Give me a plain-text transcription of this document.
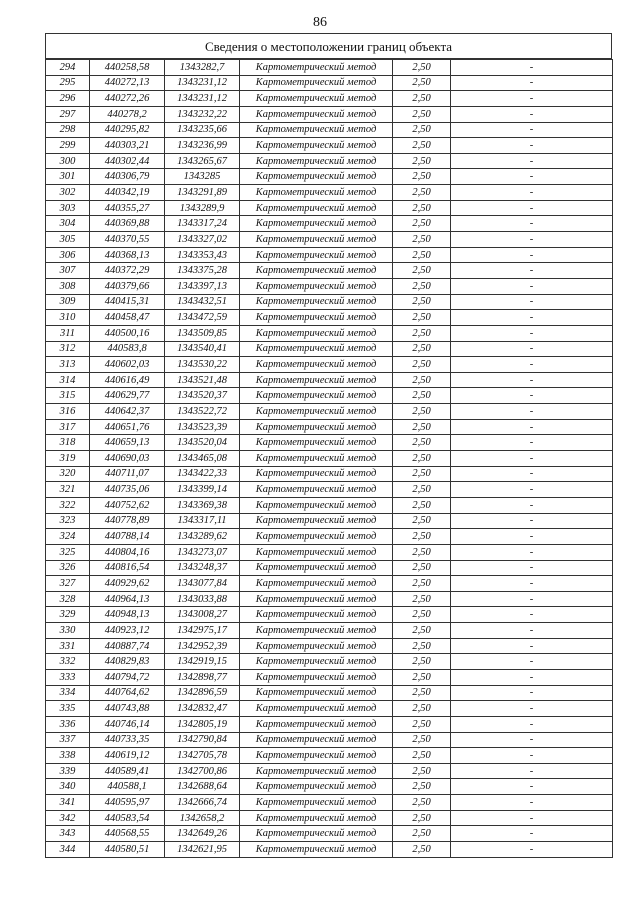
86
Сведения о местоположении границ объекта
294	440258,58	1343282,7	Картометрический метод	2,50	-
295	440272,13	1343231,12	Картометрический метод	2,50	-
296	440272,26	1343231,12	Картометрический метод	2,50	-
297	440278,2	1343232,22	Картометрический метод	2,50	-
298	440295,82	1343235,66	Картометрический метод	2,50	-
299	440303,21	1343236,99	Картометрический метод	2,50	-
300	440302,44	1343265,67	Картометрический метод	2,50	-
301	440306,79	1343285	Картометрический метод	2,50	-
302	440342,19	1343291,89	Картометрический метод	2,50	-
303	440355,27	1343289,9	Картометрический метод	2,50	-
304	440369,88	1343317,24	Картометрический метод	2,50	-
305	440370,55	1343327,02	Картометрический метод	2,50	-
306	440368,13	1343353,43	Картометрический метод	2,50	-
307	440372,29	1343375,28	Картометрический метод	2,50	-
308	440379,66	1343397,13	Картометрический метод	2,50	-
309	440415,31	1343432,51	Картометрический метод	2,50	-
310	440458,47	1343472,59	Картометрический метод	2,50	-
311	440500,16	1343509,85	Картометрический метод	2,50	-
312	440583,8	1343540,41	Картометрический метод	2,50	-
313	440602,03	1343530,22	Картометрический метод	2,50	-
314	440616,49	1343521,48	Картометрический метод	2,50	-
315	440629,77	1343520,37	Картометрический метод	2,50	-
316	440642,37	1343522,72	Картометрический метод	2,50	-
317	440651,76	1343523,39	Картометрический метод	2,50	-
318	440659,13	1343520,04	Картометрический метод	2,50	-
319	440690,03	1343465,08	Картометрический метод	2,50	-
320	440711,07	1343422,33	Картометрический метод	2,50	-
321	440735,06	1343399,14	Картометрический метод	2,50	-
322	440752,62	1343369,38	Картометрический метод	2,50	-
323	440778,89	1343317,11	Картометрический метод	2,50	-
324	440788,14	1343289,62	Картометрический метод	2,50	-
325	440804,16	1343273,07	Картометрический метод	2,50	-
326	440816,54	1343248,37	Картометрический метод	2,50	-
327	440929,62	1343077,84	Картометрический метод	2,50	-
328	440964,13	1343033,88	Картометрический метод	2,50	-
329	440948,13	1343008,27	Картометрический метод	2,50	-
330	440923,12	1342975,17	Картометрический метод	2,50	-
331	440887,74	1342952,39	Картометрический метод	2,50	-
332	440829,83	1342919,15	Картометрический метод	2,50	-
333	440794,72	1342898,77	Картометрический метод	2,50	-
334	440764,62	1342896,59	Картометрический метод	2,50	-
335	440743,88	1342832,47	Картометрический метод	2,50	-
336	440746,14	1342805,19	Картометрический метод	2,50	-
337	440733,35	1342790,84	Картометрический метод	2,50	-
338	440619,12	1342705,78	Картометрический метод	2,50	-
339	440589,41	1342700,86	Картометрический метод	2,50	-
340	440588,1	1342688,64	Картометрический метод	2,50	-
341	440595,97	1342666,74	Картометрический метод	2,50	-
342	440583,54	1342658,2	Картометрический метод	2,50	-
343	440568,55	1342649,26	Картометрический метод	2,50	-
344	440580,51	1342621,95	Картометрический метод	2,50	-
